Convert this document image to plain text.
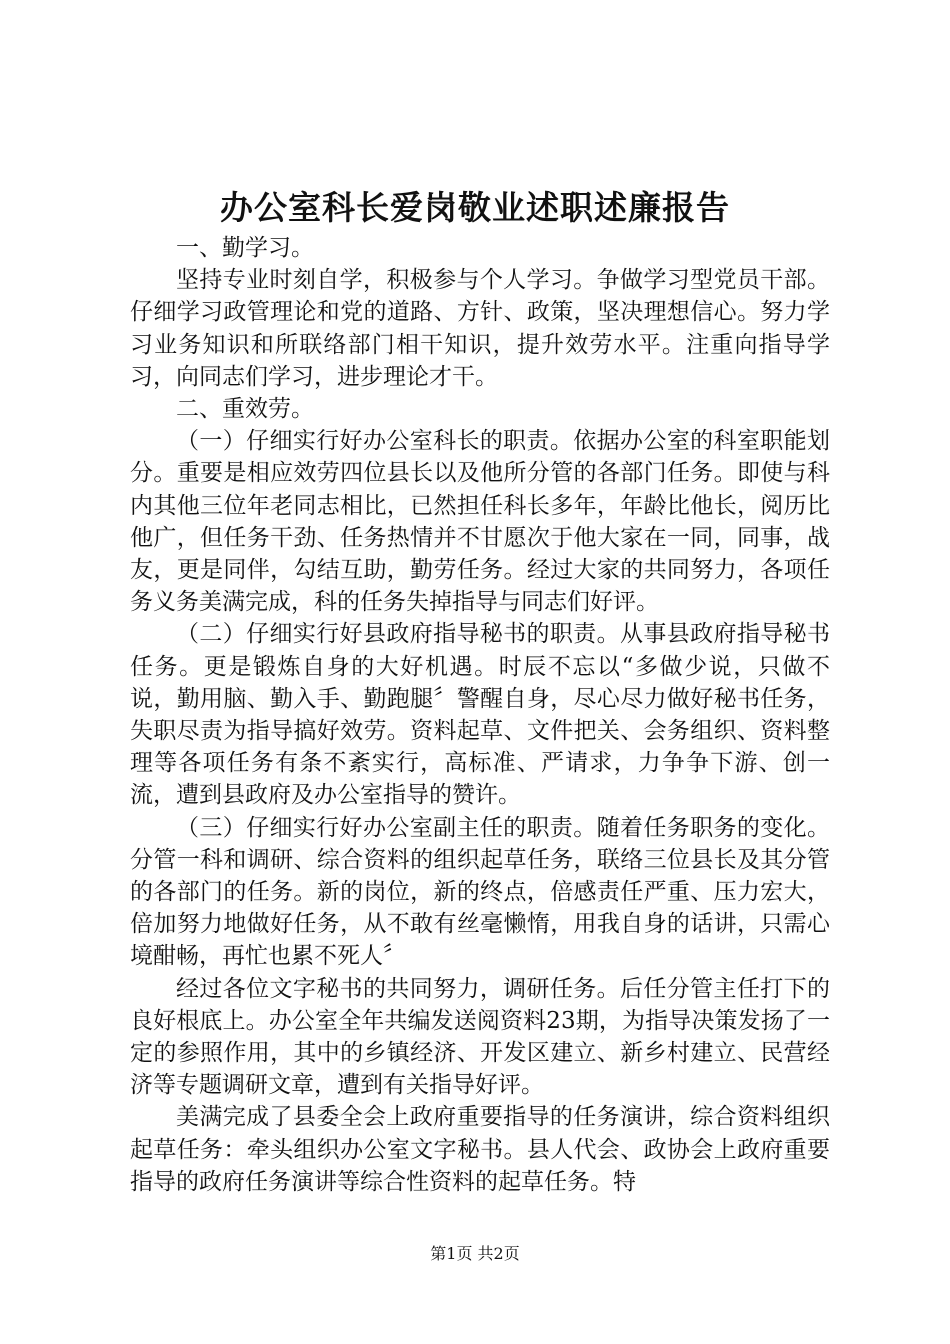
办公室科长爱岗敬业述职述廉报告

一、勤学习。

坚持专业时刻自学，积极参与个人学习。争做学习型党员干部。仔细学习政管理论和党的道路、方针、政策，坚决理想信心。努力学习业务知识和所联络部门相干知识，提升效劳水平。注重向指导学习，向同志们学习，进步理论才干。

二、重效劳。

（一）仔细实行好办公室科长的职责。依据办公室的科室职能划分。重要是相应效劳四位县长以及他所分管的各部门任务。即使与科内其他三位年老同志相比，已然担任科长多年，年龄比他长，阅历比他广，但任务干劲、任务热情并不甘愿次于他大家在一同，同事，战友，更是同伴，勾结互助，勤劳任务。经过大家的共同努力，各项任务义务美满完成，科的任务失掉指导与同志们好评。

（二）仔细实行好县政府指导秘书的职责。从事县政府指导秘书任务。更是锻炼自身的大好机遇。时辰不忘以“多做少说，只做不说，勤用脑、勤入手、勤跑腿〞警醒自身，尽心尽力做好秘书任务，失职尽责为指导搞好效劳。资料起草、文件把关、会务组织、资料整理等各项任务有条不紊实行，高标准、严请求，力争争下游、创一流，遭到县政府及办公室指导的赞许。

（三）仔细实行好办公室副主任的职责。随着任务职务的变化。分管一科和调研、综合资料的组织起草任务，联络三位县长及其分管的各部门的任务。新的岗位，新的终点，倍感责任严重、压力宏大，倍加努力地做好任务，从不敢有丝毫懒惰，用我自身的话讲，只需心境酣畅，再忙也累不死人〞

经过各位文字秘书的共同努力，调研任务。后任分管主任打下的良好根底上。办公室全年共编发送阅资料23期，为指导决策发扬了一定的参照作用，其中的乡镇经济、开发区建立、新乡村建立、民营经济等专题调研文章，遭到有关指导好评。

美满完成了县委全会上政府重要指导的任务演讲，综合资料组织起草任务：牵头组织办公室文字秘书。县人代会、政协会上政府重要指导的政府任务演讲等综合性资料的起草任务。特

第1页 共2页
